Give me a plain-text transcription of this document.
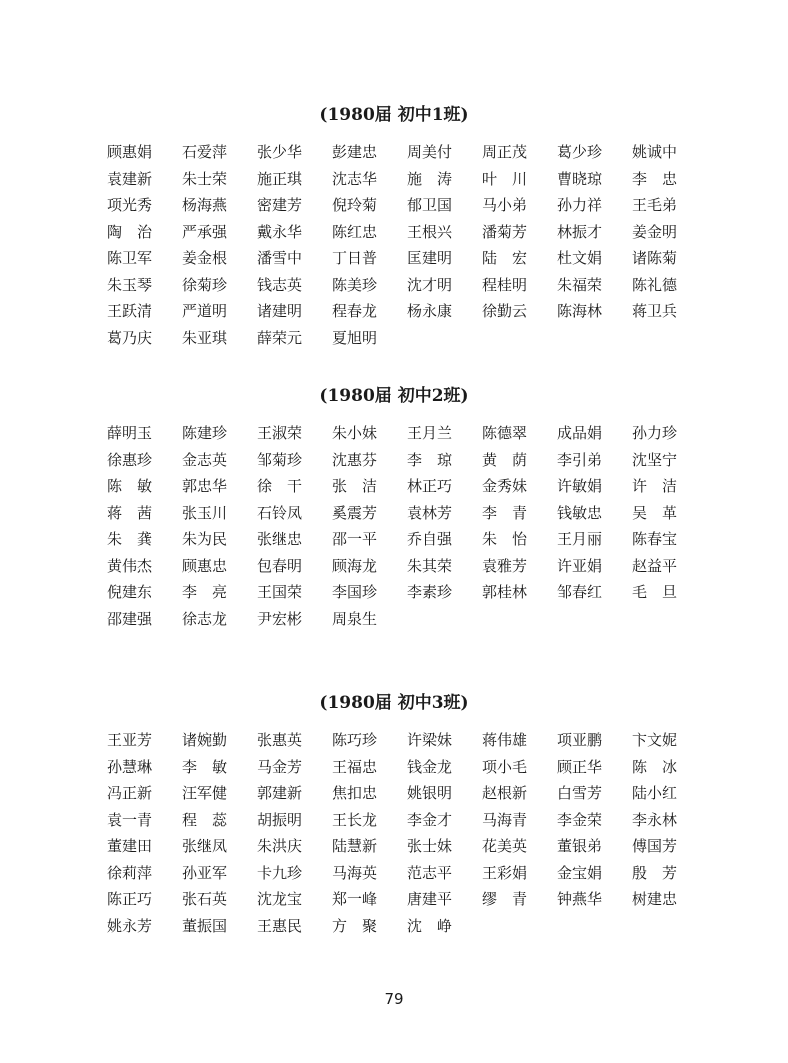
(1980届 初中1班)
顾惠娟	石爱萍	张少华	彭建忠	周美付	周正茂	葛少珍	姚诚中
袁建新	朱士荣	施正琪	沈志华	施　涛	叶　川	曹晓琼	李　忠
项光秀	杨海燕	密建芳	倪玲菊	郁卫国	马小弟	孙力祥	王毛弟
陶　治	严承强	戴永华	陈红忠	王根兴	潘菊芳	林振才	姜金明
陈卫军	姜金根	潘雪中	丁日普	匡建明	陆　宏	杜文娟	诸陈菊
朱玉琴	徐菊珍	钱志英	陈美珍	沈才明	程桂明	朱福荣	陈礼德
王跃清	严道明	诸建明	程春龙	杨永康	徐勤云	陈海林	蒋卫兵
葛乃庆	朱亚琪	薛荣元	夏旭明
(1980届 初中2班)
薛明玉	陈建珍	王淑荣	朱小妹	王月兰	陈德翠	成品娟	孙力珍
徐惠珍	金志英	邹菊珍	沈惠芬	李　琼	黄　荫	李引弟	沈坚宁
陈　敏	郭忠华	徐　干	张　洁	林正巧	金秀妹	许敏娟	许　洁
蒋　茜	张玉川	石铃凤	奚震芳	袁林芳	李　青	钱敏忠	吴　革
朱　龚	朱为民	张继忠	邵一平	乔自强	朱　怡	王月丽	陈春宝
黄伟杰	顾惠忠	包春明	顾海龙	朱其荣	袁雅芳	许亚娟	赵益平
倪建东	李　亮	王国荣	李国珍	李素珍	郭桂林	邹春红	毛　旦
邵建强	徐志龙	尹宏彬	周泉生
(1980届 初中3班)
王亚芳	诸婉勤	张惠英	陈巧珍	许梁妹	蒋伟雄	项亚鹏	卞文妮
孙慧琳	李　敏	马金芳	王福忠	钱金龙	项小毛	顾正华	陈　冰
冯正新	汪军健	郭建新	焦扣忠	姚银明	赵根新	白雪芳	陆小红
袁一青	程　蕊	胡振明	王长龙	李金才	马海青	李金荣	李永林
董建田	张继凤	朱洪庆	陆慧新	张士妹	花美英	董银弟	傅国芳
徐莉萍	孙亚军	卡九珍	马海英	范志平	王彩娟	金宝娟	殷　芳
陈正巧	张石英	沈龙宝	郑一峰	唐建平	缪　青	钟燕华	树建忠
姚永芳	董振国	王惠民	方　聚	沈　峥
79
